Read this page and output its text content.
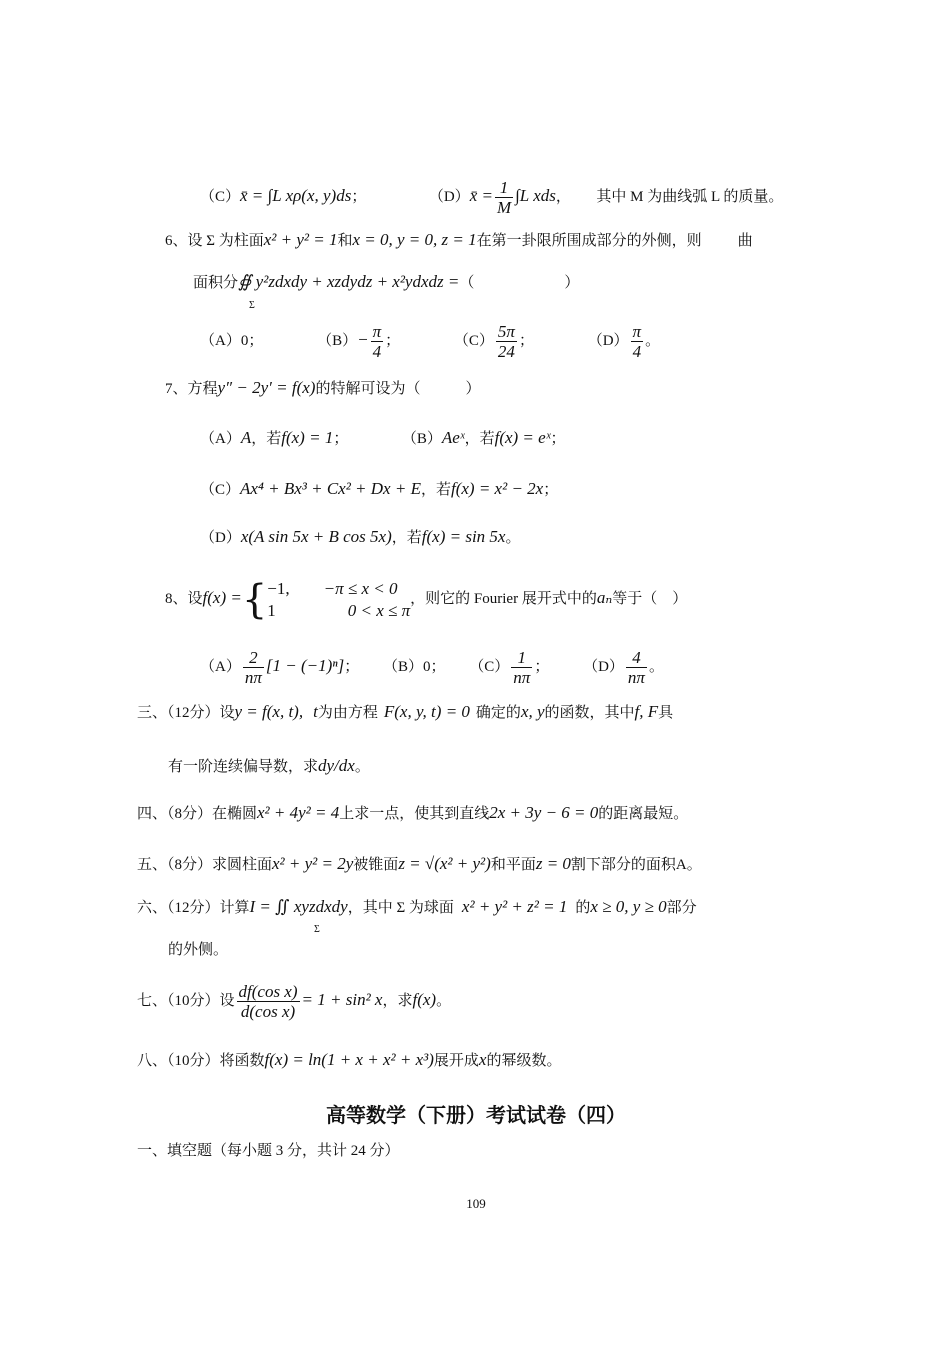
（C）x̄ = ∫L xρ(x, y)ds；	（D）x̄ = $\frac{1}{M} \int L$ xds， 其中 M 为曲线弧 L 的质量。
6、设 Σ 为柱面x² + y² = 1和x = 0, y = 0, z = 1在第一卦限所围成部分的外侧，则 曲
面积分∯ y²zdxdy + xzdydz + x²ydxdz =（　　　　　　）
Σ
（A）0；	$(B)- \frac{\pi}{4}$ ；	$(C) \frac{5\pi}{24}$ ；	$(D) \frac{\pi}{4}$ 。
7、方程y″ − 2y′ = f(x)的特解可设为（　　　）
（A）A，若f(x) = 1；	（B）Aeˣ，若f(x) = eˣ；
（C）Ax⁴ + Bx³ + Cx² + Dx + E，若f(x) = x² − 2x；
（D）x(A sin 5x + B cos 5x)，若f(x) = sin 5x。
8、设f(x) ={ −1, −π ≤ x < 0
1	0 < x ≤ π
，则它的 Fourier 展开式中的aₙ等于（　）
$(A) \frac{2}{n\pi} [1 - (-1)^n]$； （B）0； $(C) \frac{1}{n\pi}$ ； $(D) \frac{4}{n\pi}$ 。
三、（12分）设y = f(x, t), t为由方程 F(x, y, t) = 0 确定的x, y的函数，其中f, F具
有一阶连续偏导数，求dy/dx。
四、（8分）在椭圆x² + 4y² = 4上求一点，使其到直线2x + 3y − 6 = 0的距离最短。
五、（8分）求圆柱面x² + y² = 2y被锥面z = √(x² + y²)和平面z = 0割下部分的面积A。
六、（12分）计算I = ∬ xyzdxdy，其中 Σ 为球面 x² + y² + z² = 1 的x ≥ 0, y ≥ 0部分
Σ
的外侧。
七、（10分）设 $\frac{\text{df(cos x)}}{\text{d(cos x)}} = 1 + \sin^2$ x，求f(x)。
八、（10分）将函数f(x) = ln(1 + x + x² + x³)展开成x的幂级数。
高等数学（下册）考试试卷（四）
一、填空题（每小题 3 分，共计 24 分）
109
